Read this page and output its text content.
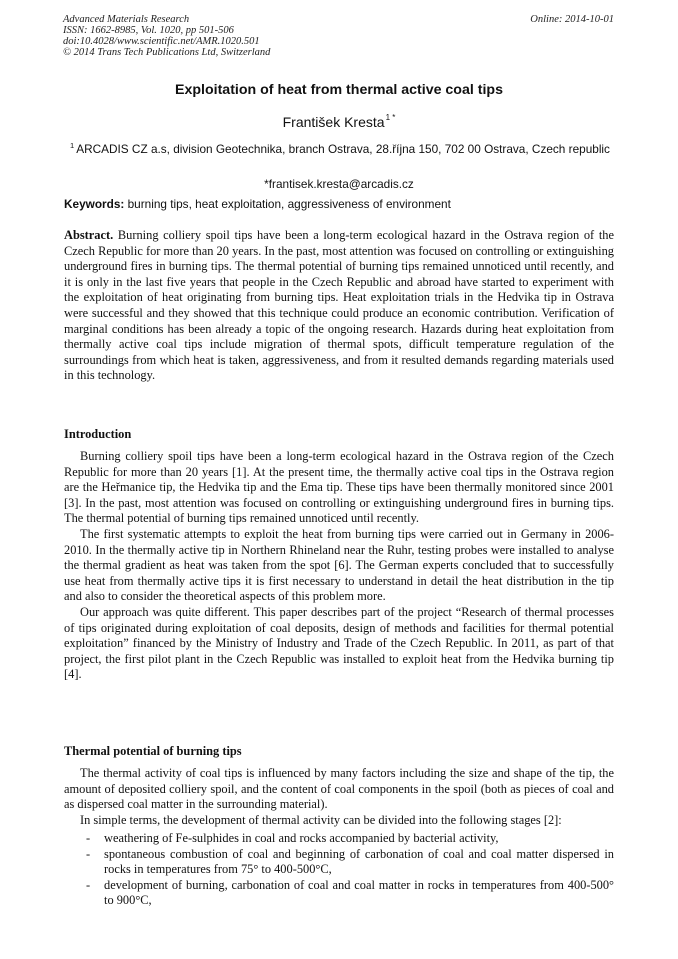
Advanced Materials Research
ISSN: 1662-8985, Vol. 1020, pp 501-506
doi:10.4028/www.scientific.net/AMR.1020.501
© 2014 Trans Tech Publications Ltd, Switzerland
Online: 2014-10-01
Exploitation of heat from thermal active coal tips
František Kresta$^{1 *}$
$^1$ ARCADIS CZ a.s, division Geotechnika, branch Ostrava, 28.října 150, 702 00 Ostrava, Czech republic
*frantisek.kresta@arcadis.cz
Keywords: burning tips, heat exploitation, aggressiveness of environment
Abstract. Burning colliery spoil tips have been a long-term ecological hazard in the Ostrava region of the Czech Republic for more than 20 years. In the past, most attention was focused on controlling or extinguishing underground fires in burning tips. The thermal potential of burning tips remained unnoticed until recently, and it is only in the last five years that people in the Czech Republic and abroad have started to experiment with the exploitation of heat originating from burning tips. Heat exploitation trials in the Hedvika tip in Ostrava were successful and they showed that this technique could produce an economic contribution. Verification of marginal conditions has been already a topic of the ongoing research. Hazards during heat exploitation from thermally active coal tips include migration of thermal spots, difficult temperature regulation of the surroundings from which heat is taken, aggressiveness, and from it resulted demands regarding materials used in this technology.
Introduction

Burning colliery spoil tips have been a long-term ecological hazard in the Ostrava region of the Czech Republic for more than 20 years [1]. At the present time, the thermally active coal tips in the Ostrava region are the Heřmanice tip, the Hedvika tip and the Ema tip. These tips have been thermally monitored since 2001 [3]. In the past, most attention was focused on controlling or extinguishing underground fires in burning tips. The thermal potential of burning tips remained unnoticed until recently.

The first systematic attempts to exploit the heat from burning tips were carried out in Germany in 2006-2010. In the thermally active tip in Northern Rhineland near the Ruhr, testing probes were installed to analyse the thermal gradient as heat was taken from the spot [6]. The German experts concluded that to successfully use heat from thermally active tips it is first necessary to understand in detail the heat distribution in the tip and also to consider the theoretical aspects of this problem more.

Our approach was quite different. This paper describes part of the project “Research of thermal processes of tips originated during exploitation of coal deposits, design of methods and facilities for thermal potential exploitation” financed by the Ministry of Industry and Trade of the Czech Republic. In 2011, as part of that project, the first pilot plant in the Czech Republic was installed to exploit heat from the Hedvika burning tip [4].

Thermal potential of burning tips

The thermal activity of coal tips is influenced by many factors including the size and shape of the tip, the amount of deposited colliery spoil, and the content of coal components in the spoil (both as pieces of coal and as dispersed coal matter in the surrounding material).

In simple terms, the development of thermal activity can be divided into the following stages [2]:

- weathering of Fe-sulphides in coal and rocks accompanied by bacterial activity,
- spontaneous combustion of coal and beginning of carbonation of coal and coal matter dispersed in rocks in temperatures from 75° to 400-500°C,
- development of burning, carbonation of coal and coal matter in rocks in temperatures from 400-500° to 900°C,
